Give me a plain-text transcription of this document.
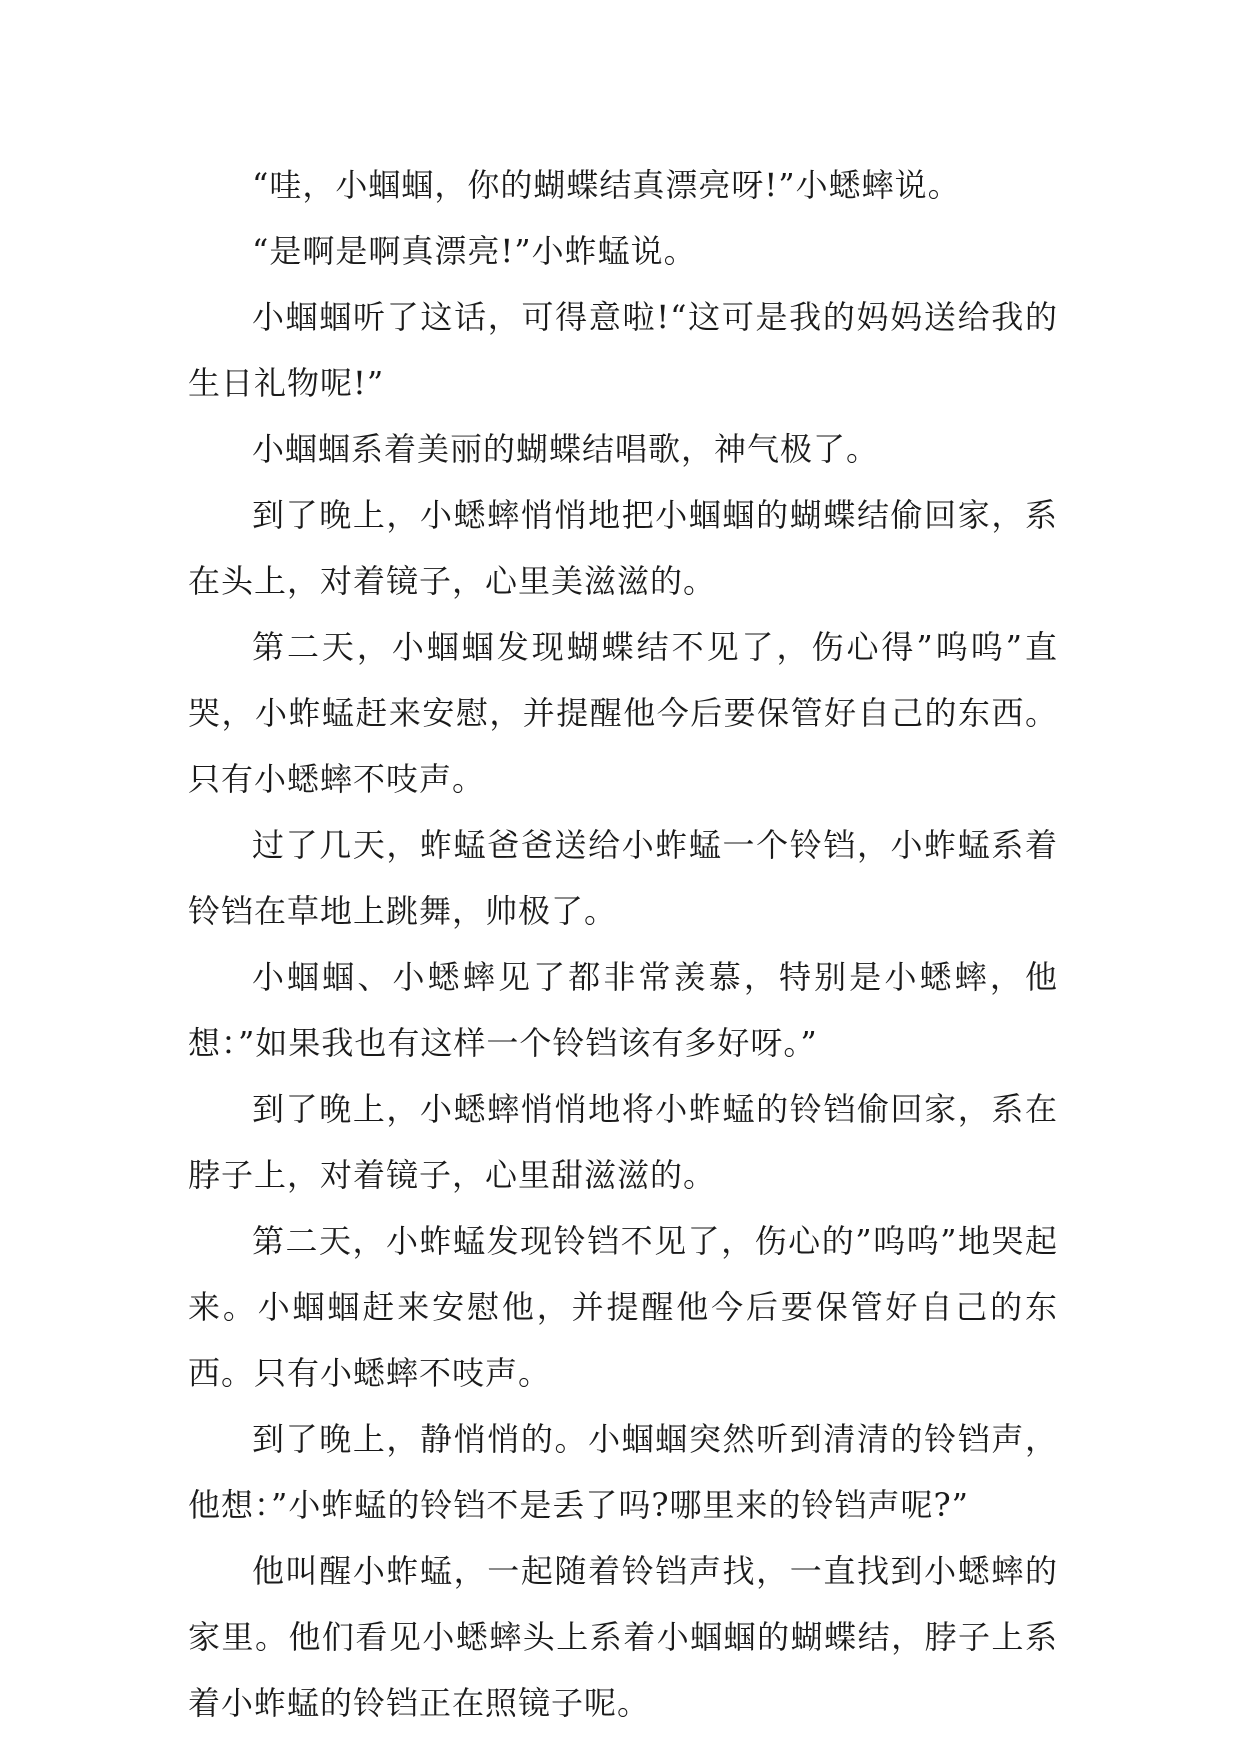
“哇，小蝈蝈，你的蝴蝶结真漂亮呀!”小蟋蟀说。

“是啊是啊真漂亮!”小蚱蜢说。

小蝈蝈听了这话，可得意啦!“这可是我的妈妈送给我的生日礼物呢!”

小蝈蝈系着美丽的蝴蝶结唱歌，神气极了。

到了晚上，小蟋蟀悄悄地把小蝈蝈的蝴蝶结偷回家，系在头上，对着镜子，心里美滋滋的。

第二天，小蝈蝈发现蝴蝶结不见了，伤心得”呜呜”直哭，小蚱蜢赶来安慰，并提醒他今后要保管好自己的东西。只有小蟋蟀不吱声。

过了几天，蚱蜢爸爸送给小蚱蜢一个铃铛，小蚱蜢系着铃铛在草地上跳舞，帅极了。

小蝈蝈、小蟋蟀见了都非常羡慕，特别是小蟋蟀，他想：”如果我也有这样一个铃铛该有多好呀。”

到了晚上，小蟋蟀悄悄地将小蚱蜢的铃铛偷回家，系在脖子上，对着镜子，心里甜滋滋的。

第二天，小蚱蜢发现铃铛不见了，伤心的”呜呜”地哭起来。小蝈蝈赶来安慰他，并提醒他今后要保管好自己的东西。只有小蟋蟀不吱声。

到了晚上，静悄悄的。小蝈蝈突然听到清清的铃铛声，他想：”小蚱蜢的铃铛不是丢了吗?哪里来的铃铛声呢?”

他叫醒小蚱蜢，一起随着铃铛声找，一直找到小蟋蟀的家里。他们看见小蟋蟀头上系着小蝈蝈的蝴蝶结，脖子上系着小蚱蜢的铃铛正在照镜子呢。
